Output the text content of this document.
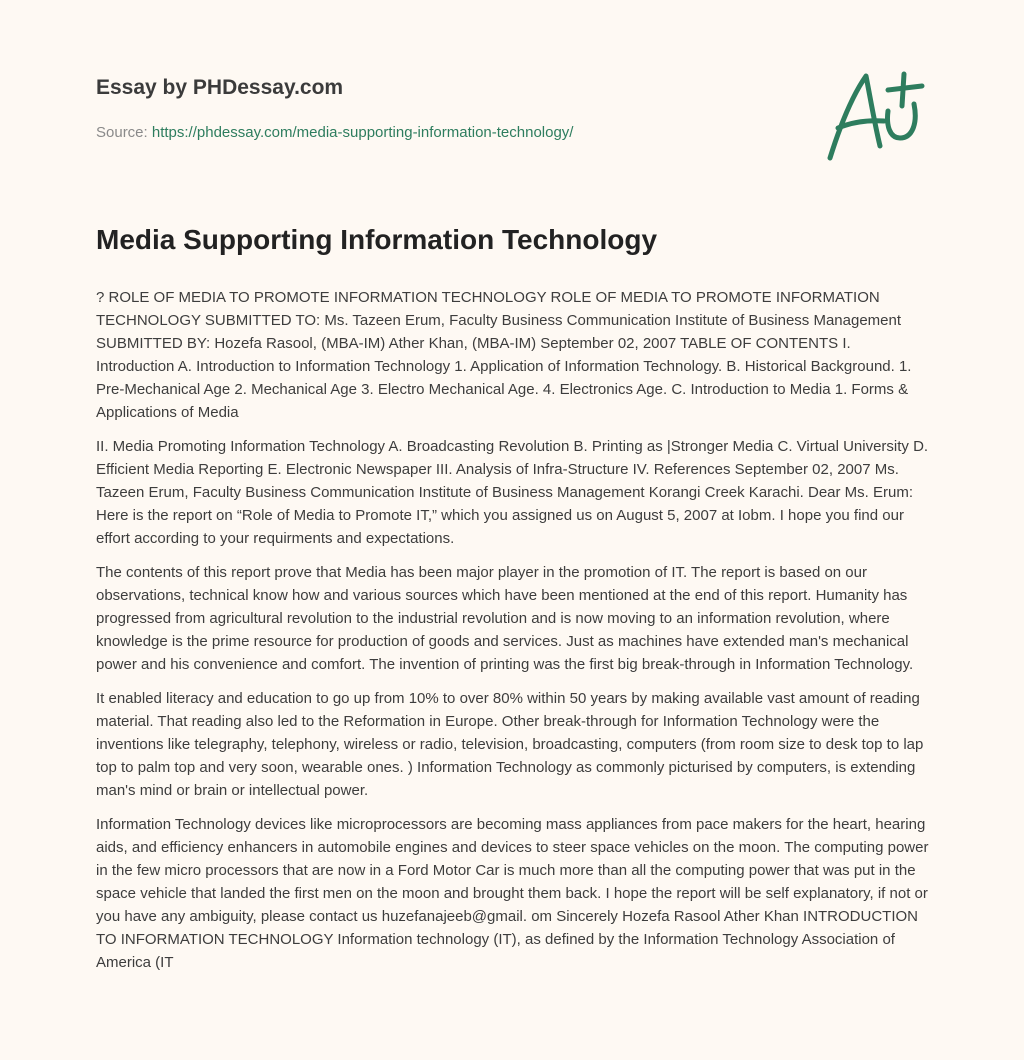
Essay by PHDessay.com
Source: https://phdessay.com/media-supporting-information-technology/
Media Supporting Information Technology

? ROLE OF MEDIA TO PROMOTE INFORMATION TECHNOLOGY ROLE OF MEDIA TO PROMOTE INFORMATION TECHNOLOGY SUBMITTED TO: Ms. Tazeen Erum, Faculty Business Communication Institute of Business Management SUBMITTED BY: Hozefa Rasool, (MBA-IM) Ather Khan, (MBA-IM) September 02, 2007 TABLE OF CONTENTS I. Introduction A. Introduction to Information Technology 1. Application of Information Technology. B. Historical Background. 1. Pre-Mechanical Age 2. Mechanical Age 3. Electro Mechanical Age. 4. Electronics Age. C. Introduction to Media 1. Forms & Applications of Media

II. Media Promoting Information Technology A. Broadcasting Revolution B. Printing as |Stronger Media C. Virtual University D. Efficient Media Reporting E. Electronic Newspaper III. Analysis of Infra-Structure IV. References September 02, 2007 Ms. Tazeen Erum, Faculty Business Communication Institute of Business Management Korangi Creek Karachi. Dear Ms. Erum: Here is the report on “Role of Media to Promote IT,” which you assigned us on August 5, 2007 at Iobm. I hope you find our effort according to your requirments and expectations.

The contents of this report prove that Media has been major player in the promotion of IT. The report is based on our observations, technical know how and various sources which have been mentioned at the end of this report. Humanity has progressed from agricultural revolution to the industrial revolution and is now moving to an information revolution, where knowledge is the prime resource for production of goods and services. Just as machines have extended man's mechanical power and his convenience and comfort. The invention of printing was the first big break-through in Information Technology.

It enabled literacy and education to go up from 10% to over 80% within 50 years by making available vast amount of reading material. That reading also led to the Reformation in Europe. Other break-through for Information Technology were the inventions like telegraphy, telephony, wireless or radio, television, broadcasting, computers (from room size to desk top to lap top to palm top and very soon, wearable ones. ) Information Technology as commonly picturised by computers, is extending man's mind or brain or intellectual power.

Information Technology devices like microprocessors are becoming mass appliances from pace makers for the heart, hearing aids, and efficiency enhancers in automobile engines and devices to steer space vehicles on the moon. The computing power in the few micro processors that are now in a Ford Motor Car is much more than all the computing power that was put in the space vehicle that landed the first men on the moon and brought them back. I hope the report will be self explanatory, if not or you have any ambiguity, please contact us huzefanajeeb@gmail. om Sincerely Hozefa Rasool Ather Khan INTRODUCTION TO INFORMATION TECHNOLOGY Information technology (IT), as defined by the Information Technology Association of America (IT
